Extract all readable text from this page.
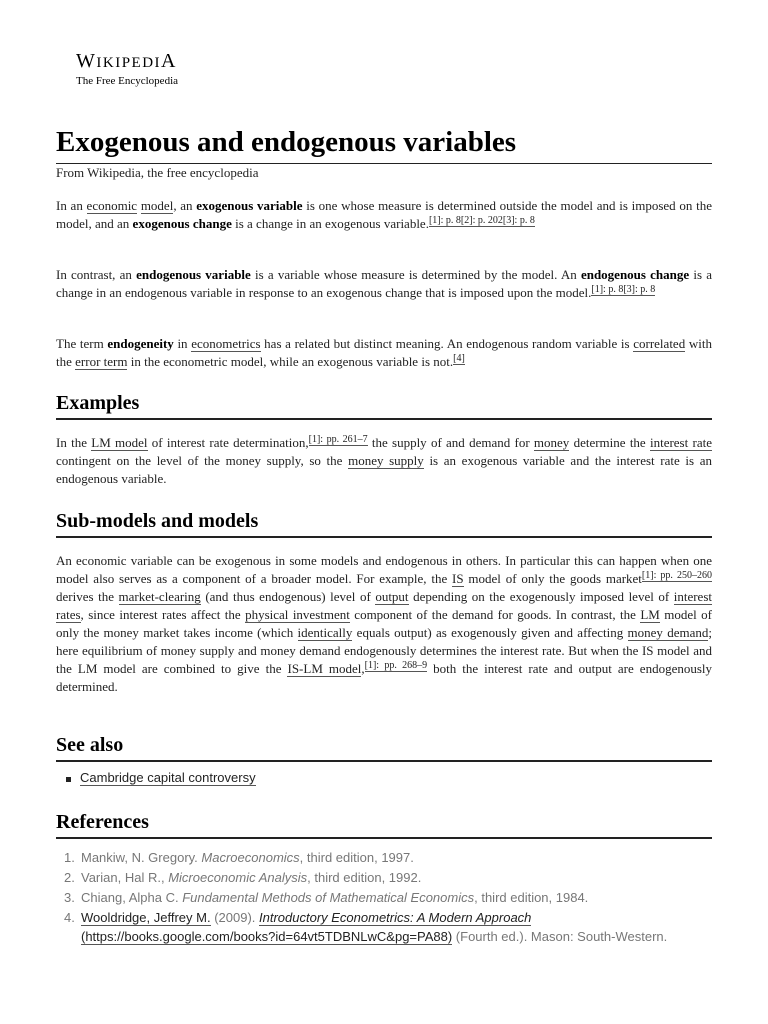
WIKIPEDIA
The Free Encyclopedia
Exogenous and endogenous variables
From Wikipedia, the free encyclopedia
In an economic model, an exogenous variable is one whose measure is determined outside the model and is imposed on the model, and an exogenous change is a change in an exogenous variable.$^{[1]: p. 8[2]: p. 202[3]: p. 8}$
In contrast, an endogenous variable is a variable whose measure is determined by the model. An endogenous change is a change in an endogenous variable in response to an exogenous change that is imposed upon the model.$^{[1]: p. 8[3]: p. 8}$
The term endogeneity in econometrics has a related but distinct meaning. An endogenous random variable is correlated with the error term in the econometric model, while an exogenous variable is not.[4]
Examples
In the LM model of interest rate determination,$^{[1]: pp. 261-7}$ the supply of and demand for money determine the interest rate contingent on the level of the money supply, so the money supply is an exogenous variable and the interest rate is an endogenous variable.
Sub-models and models
An economic variable can be exogenous in some models and endogenous in others. In particular this can happen when one model also serves as a component of a broader model. For example, the IS model of only the goods market$^{[1]: pp. 250-260}$ derives the market-clearing (and thus endogenous) level of output depending on the exogenously imposed level of interest rates, since interest rates affect the physical investment component of the demand for goods. In contrast, the LM model of only the money market takes income (which identically equals output) as exogenously given and affecting money demand; here equilibrium of money supply and money demand endogenously determines the interest rate. But when the IS model and the LM model are combined to give the IS-LM model,$^{[1]: pp. 268-9}$ both the interest rate and output are endogenously determined.
See also
Cambridge capital controversy
References
1. Mankiw, N. Gregory. Macroeconomics, third edition, 1997.
2. Varian, Hal R., Microeconomic Analysis, third edition, 1992.
3. Chiang, Alpha C. Fundamental Methods of Mathematical Economics, third edition, 1984.
4. Wooldridge, Jeffrey M. (2009). Introductory Econometrics: A Modern Approach (https://books.google.com/books?id=64vt5TDBNLwC&pg=PA88) (Fourth ed.). Mason: South-Western.
